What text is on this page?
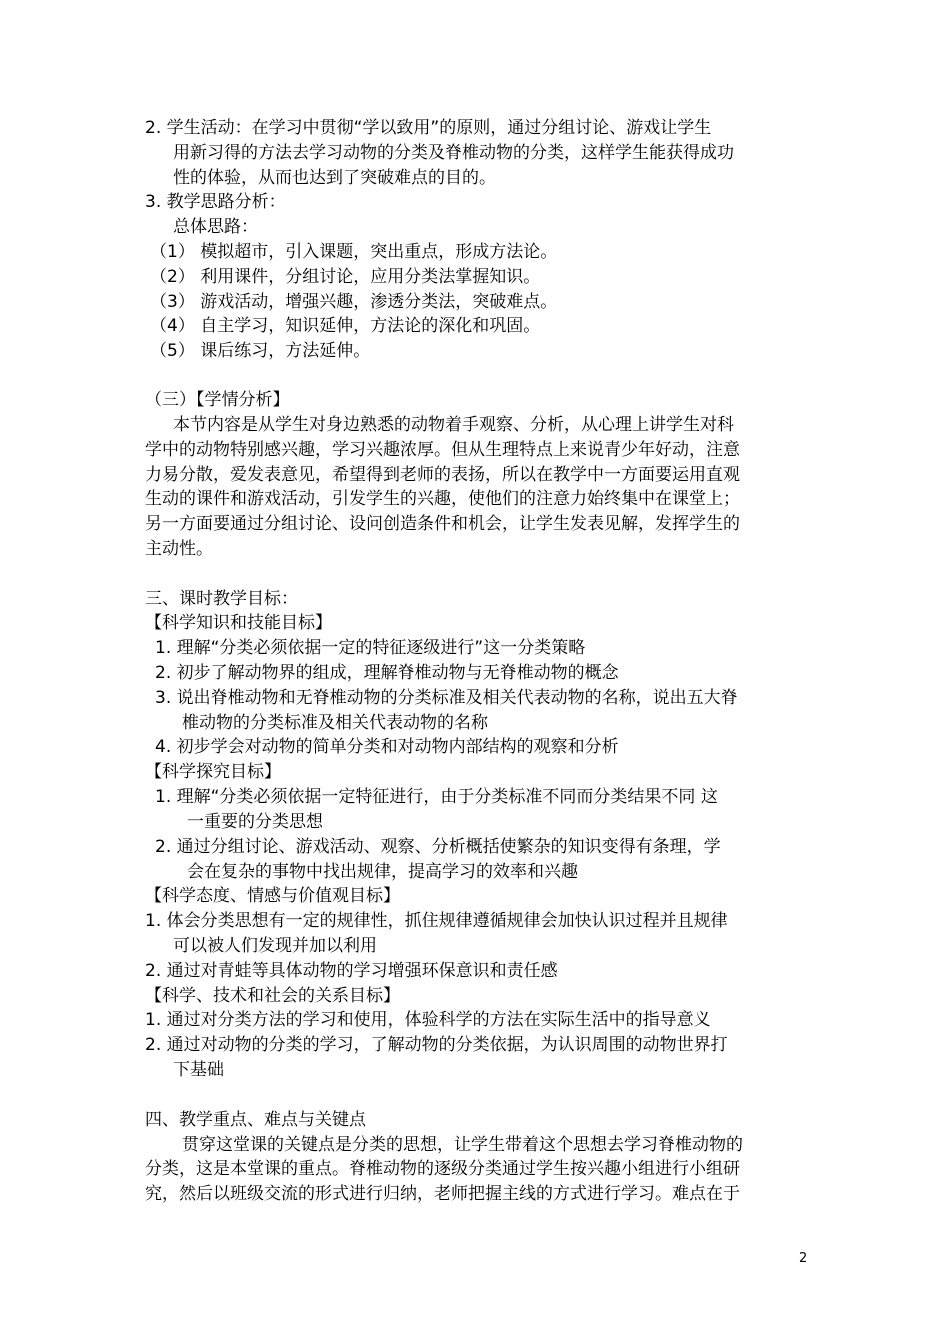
2. 学生活动：在学习中贯彻“学以致用”的原则，通过分组讨论、游戏让学生
用新习得的方法去学习动物的分类及脊椎动物的分类，这样学生能获得成功
性的体验，从而也达到了突破难点的目的。
3. 教学思路分析：
总体思路：
（1） 模拟超市，引入课题，突出重点，形成方法论。
（2） 利用课件，分组讨论，应用分类法掌握知识。
（3） 游戏活动，增强兴趣，渗透分类法，突破难点。
（4） 自主学习，知识延伸，方法论的深化和巩固。
（5） 课后练习，方法延伸。
（三）【学情分析】
本节内容是从学生对身边熟悉的动物着手观察、分析，从心理上讲学生对科
学中的动物特别感兴趣，学习兴趣浓厚。但从生理特点上来说青少年好动，注意
力易分散，爱发表意见，希望得到老师的表扬，所以在教学中一方面要运用直观
生动的课件和游戏活动，引发学生的兴趣，使他们的注意力始终集中在课堂上；
另一方面要通过分组讨论、设问创造条件和机会，让学生发表见解，发挥学生的
主动性。
三、课时教学目标：
【科学知识和技能目标】
1. 理解“分类必须依据一定的特征逐级进行”这一分类策略
2. 初步了解动物界的组成，理解脊椎动物与无脊椎动物的概念
3. 说出脊椎动物和无脊椎动物的分类标准及相关代表动物的名称，说出五大脊
椎动物的分类标准及相关代表动物的名称
4. 初步学会对动物的简单分类和对动物内部结构的观察和分析
【科学探究目标】
1. 理解“分类必须依据一定特征进行，由于分类标准不同而分类结果不同 这
一重要的分类思想
2. 通过分组讨论、游戏活动、观察、分析概括使繁杂的知识变得有条理，学
会在复杂的事物中找出规律，提高学习的效率和兴趣
【科学态度、情感与价值观目标】
1. 体会分类思想有一定的规律性，抓住规律遵循规律会加快认识过程并且规律
可以被人们发现并加以利用
2. 通过对青蛙等具体动物的学习增强环保意识和责任感
【科学、技术和社会的关系目标】
1. 通过对分类方法的学习和使用，体验科学的方法在实际生活中的指导意义
2. 通过对动物的分类的学习，了解动物的分类依据，为认识周围的动物世界打
下基础
四、教学重点、难点与关键点
贯穿这堂课的关键点是分类的思想，让学生带着这个思想去学习脊椎动物的
分类，这是本堂课的重点。脊椎动物的逐级分类通过学生按兴趣小组进行小组研
究，然后以班级交流的形式进行归纳，老师把握主线的方式进行学习。难点在于
2
